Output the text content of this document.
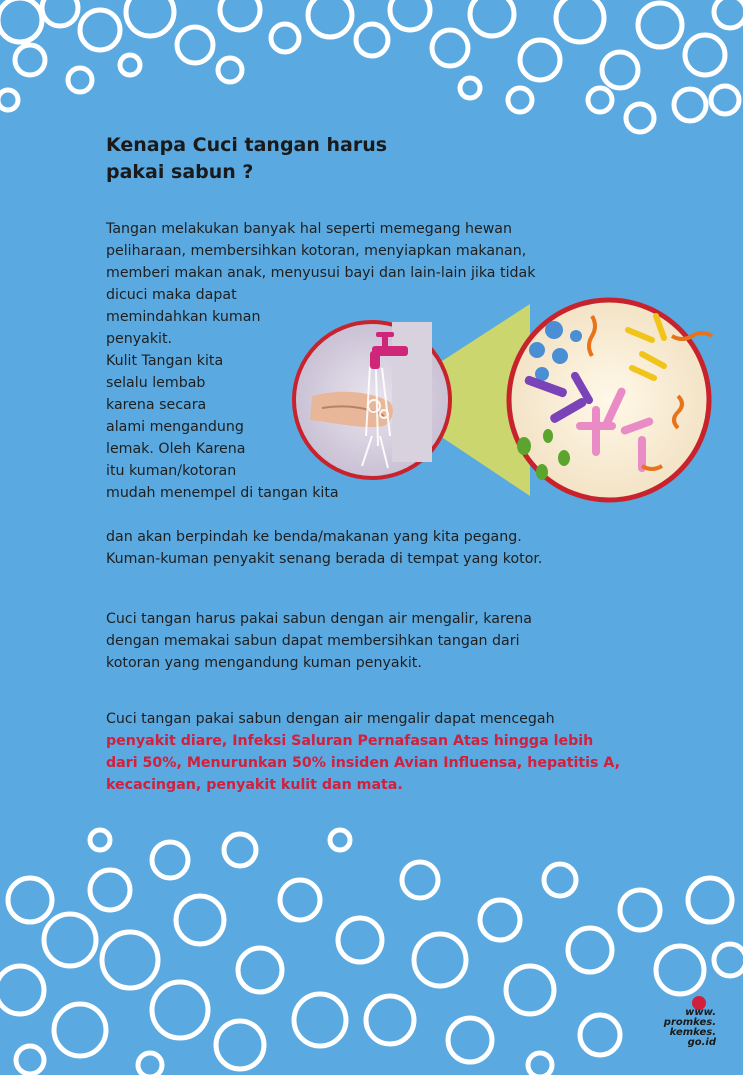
Kenapa Cuci tangan harus
pakai sabun ?
Tangan melakukan banyak hal seperti memegang hewan
peliharaan, membersihkan kotoran, menyiapkan makanan,
memberi makan anak, menyusui bayi dan lain-lain jika tidak
dicuci maka dapat
memindahkan kuman
penyakit.
Kulit Tangan kita
selalu lembab
karena secara
alami mengandung
lemak. Oleh Karena
itu kuman/kotoran
mudah menempel di tangan kita
dan akan berpindah ke benda/makanan yang kita pegang.
Kuman-kuman penyakit senang berada di tempat yang kotor.
Cuci tangan harus pakai sabun dengan air mengalir, karena
dengan memakai sabun dapat membersihkan tangan dari
kotoran yang mengandung kuman penyakit.
Cuci tangan pakai sabun dengan air mengalir dapat mencegah
penyakit diare, Infeksi Saluran Pernafasan Atas hingga lebih
dari 50%, Menurunkan 50% insiden Avian Influensa, hepatitis A,
kecacingan, penyakit kulit dan mata.
www.
promkes.
kemkes.
go.id
